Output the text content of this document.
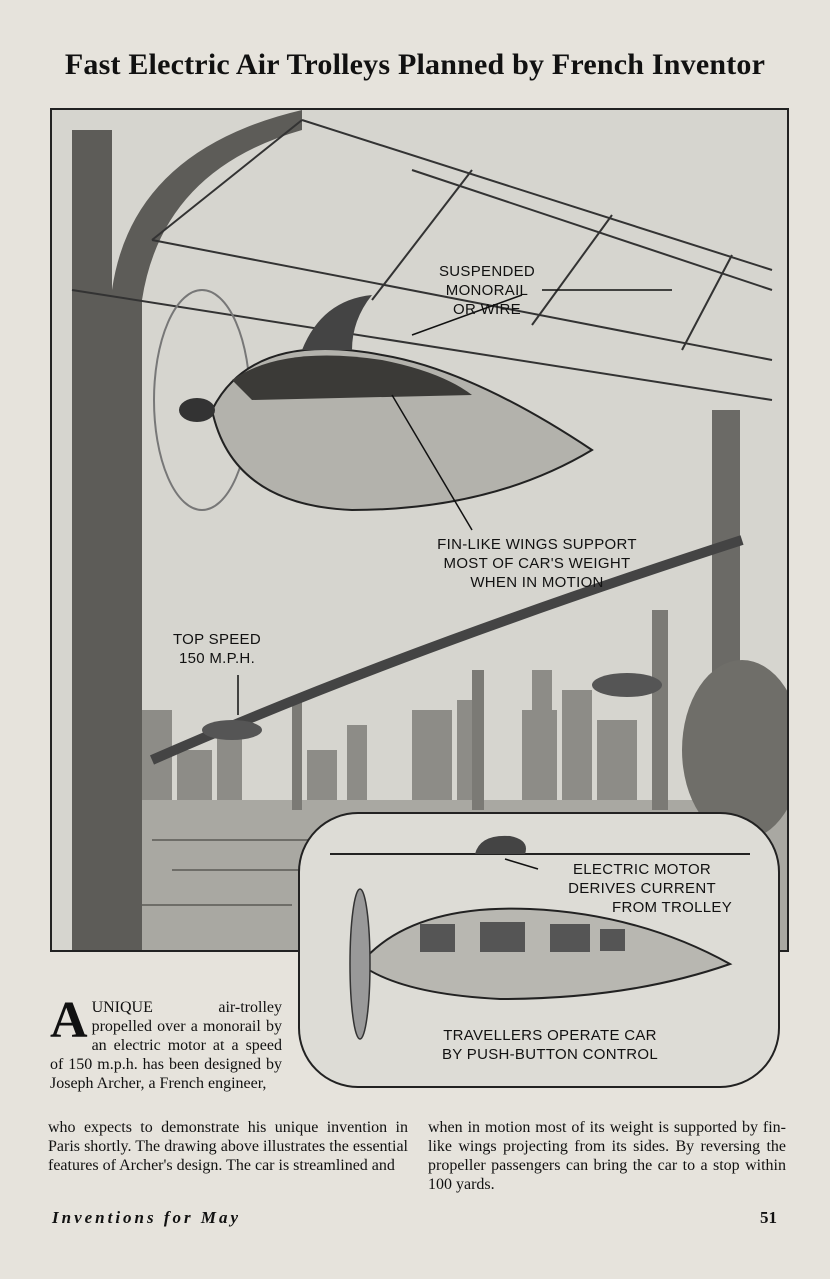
Fast Electric Air Trolleys Planned by French Inventor
SUSPENDED MONORAIL
OR WIRE
FIN-LIKE WINGS SUPPORT
MOST OF CAR'S WEIGHT
WHEN IN MOTION
TOP SPEED
150 M.P.H.
ELECTRIC MOTOR
DERIVES CURRENT
FROM TROLLEY
TRAVELLERS OPERATE CAR
BY PUSH-BUTTON CONTROL
AUNIQUE air-trolley propelled over a monorail by an electric motor at a speed of 150 m.p.h. has been designed by Joseph Archer, a French engineer,
who expects to demonstrate his unique invention in Paris shortly. The drawing above illustrates the essential features of Archer's design. The car is streamlined and
when in motion most of its weight is supported by fin-like wings projecting from its sides. By reversing the propeller passengers can bring the car to a stop within 100 yards.
Inventions for May	51
